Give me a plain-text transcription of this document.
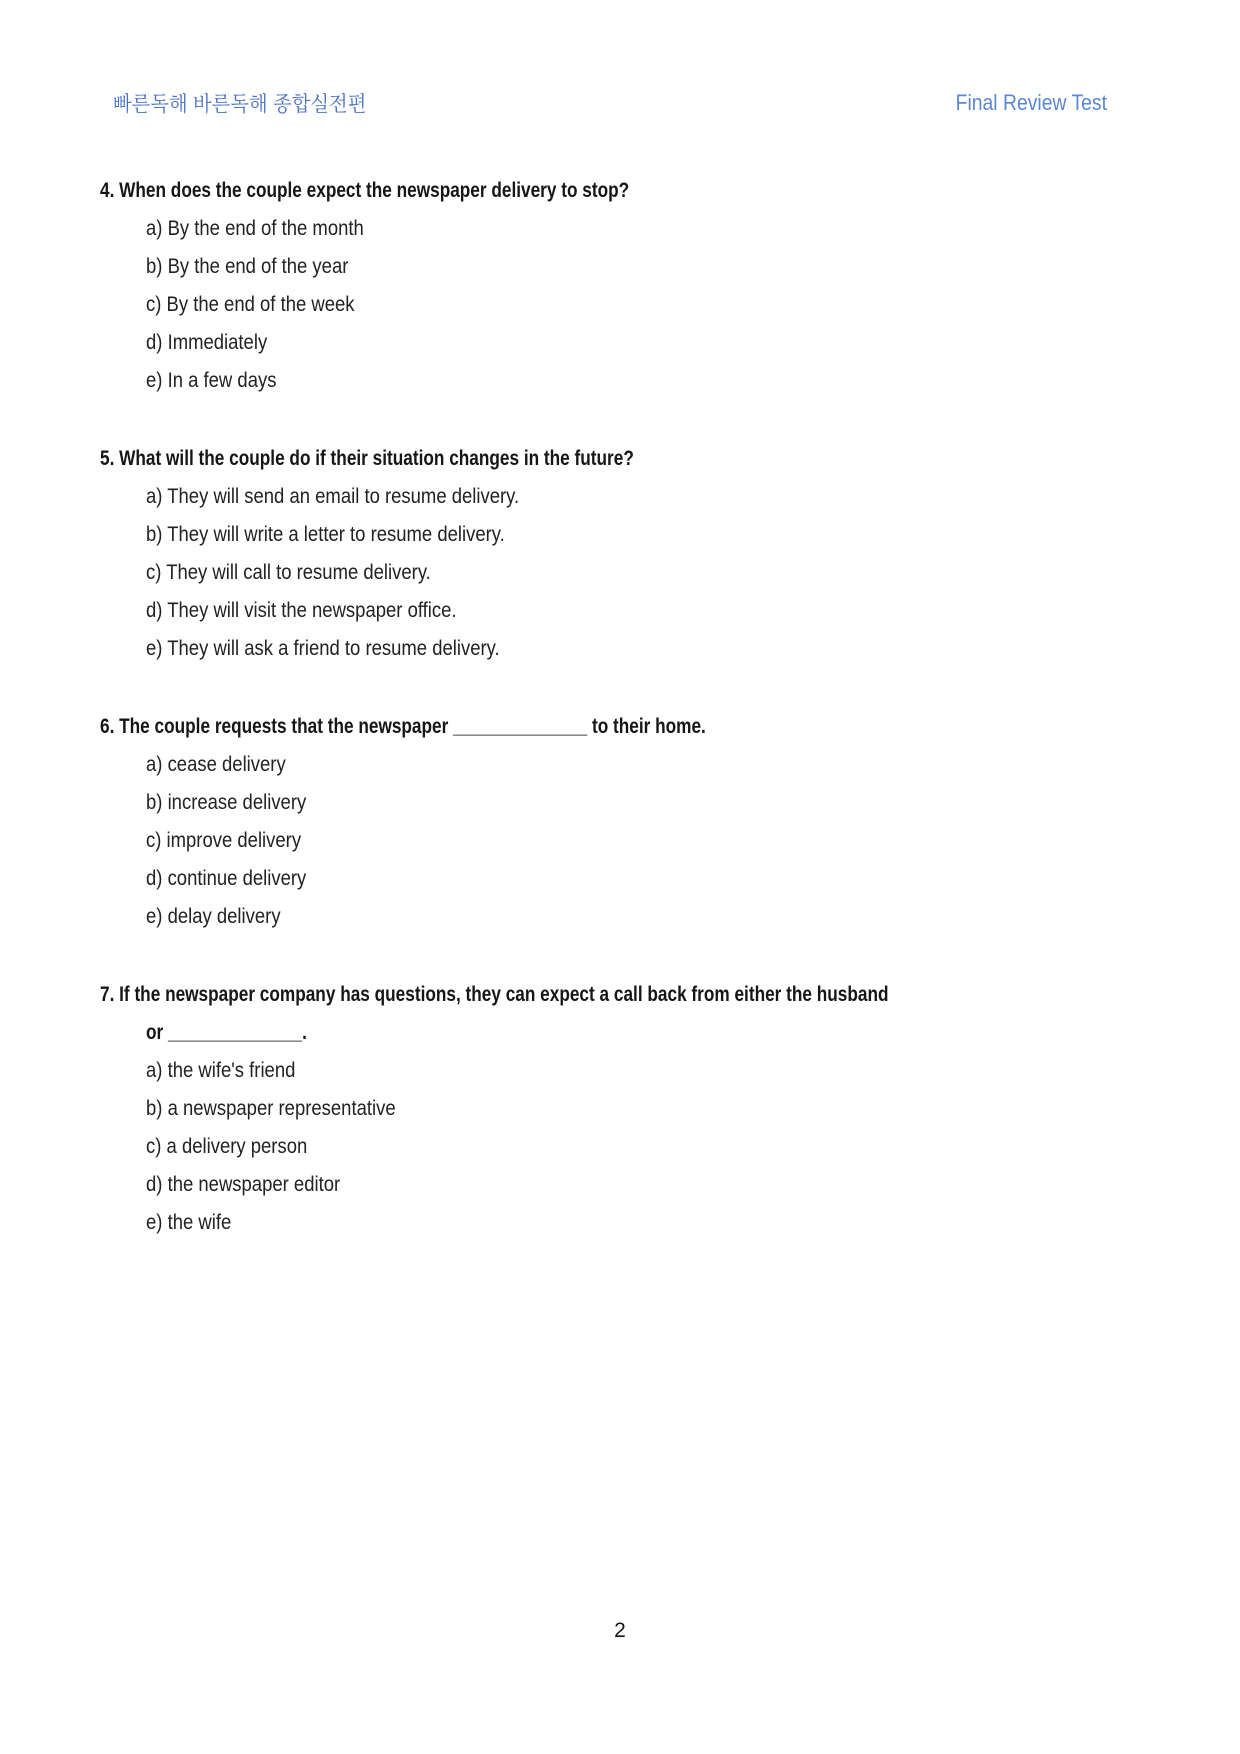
빠른독해 바른독해 종합실전편	Final Review Test
4. When does the couple expect the newspaper delivery to stop?
a) By the end of the month
b) By the end of the year
c) By the end of the week
d) Immediately
e) In a few days
5. What will the couple do if their situation changes in the future?
a) They will send an email to resume delivery.
b) They will write a letter to resume delivery.
c) They will call to resume delivery.
d) They will visit the newspaper office.
e) They will ask a friend to resume delivery.
6. The couple requests that the newspaper ______________ to their home.
a) cease delivery
b) increase delivery
c) improve delivery
d) continue delivery
e) delay delivery
7. If the newspaper company has questions, they can expect a call back from either the husband
or ______________.
a) the wife's friend
b) a newspaper representative
c) a delivery person
d) the newspaper editor
e) the wife
2
